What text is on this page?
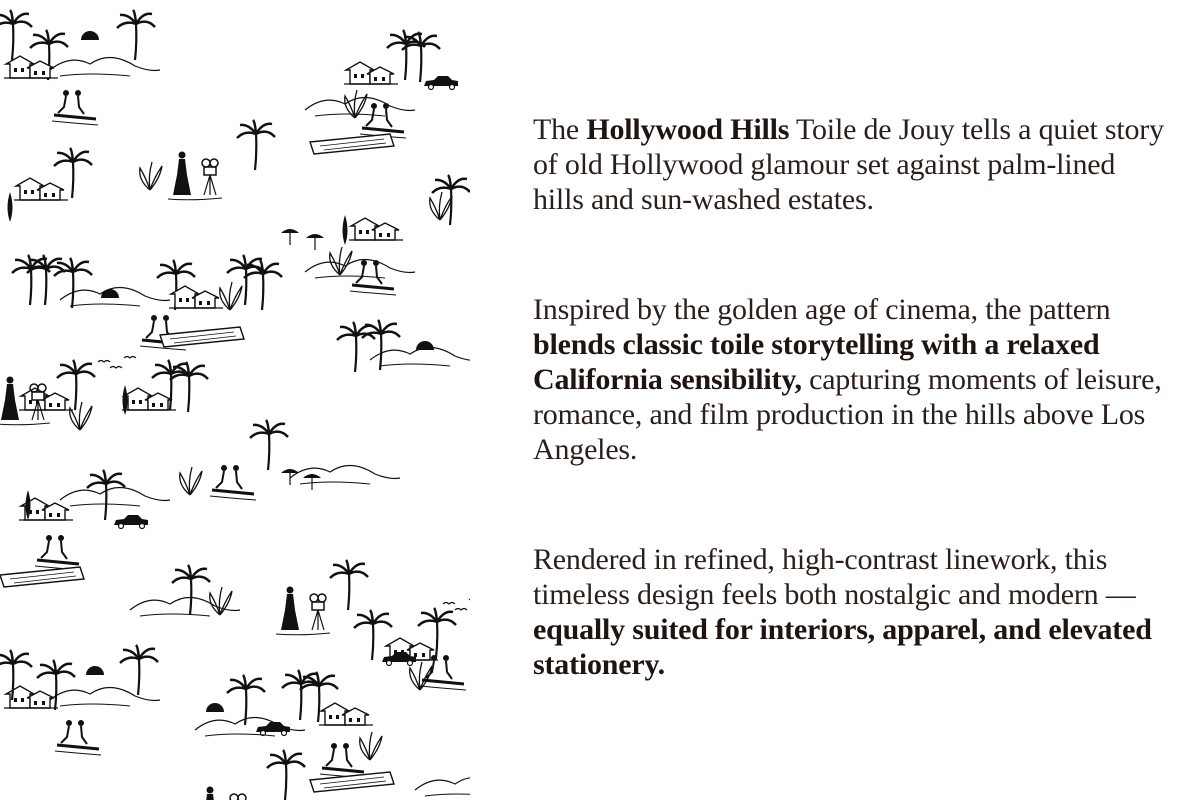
The Hollywood Hills Toile de Jouy tells a quiet story of old Hollywood glamour set against palm-lined hills and sun-washed estates.

Inspired by the golden age of cinema, the pattern blends classic toile storytelling with a relaxed California sensibility, capturing moments of leisure, romance, and film production in the hills above Los Angeles.

Rendered in refined, high-contrast linework, this timeless design feels both nostalgic and modern — equally suited for interiors, apparel, and elevated stationery.
